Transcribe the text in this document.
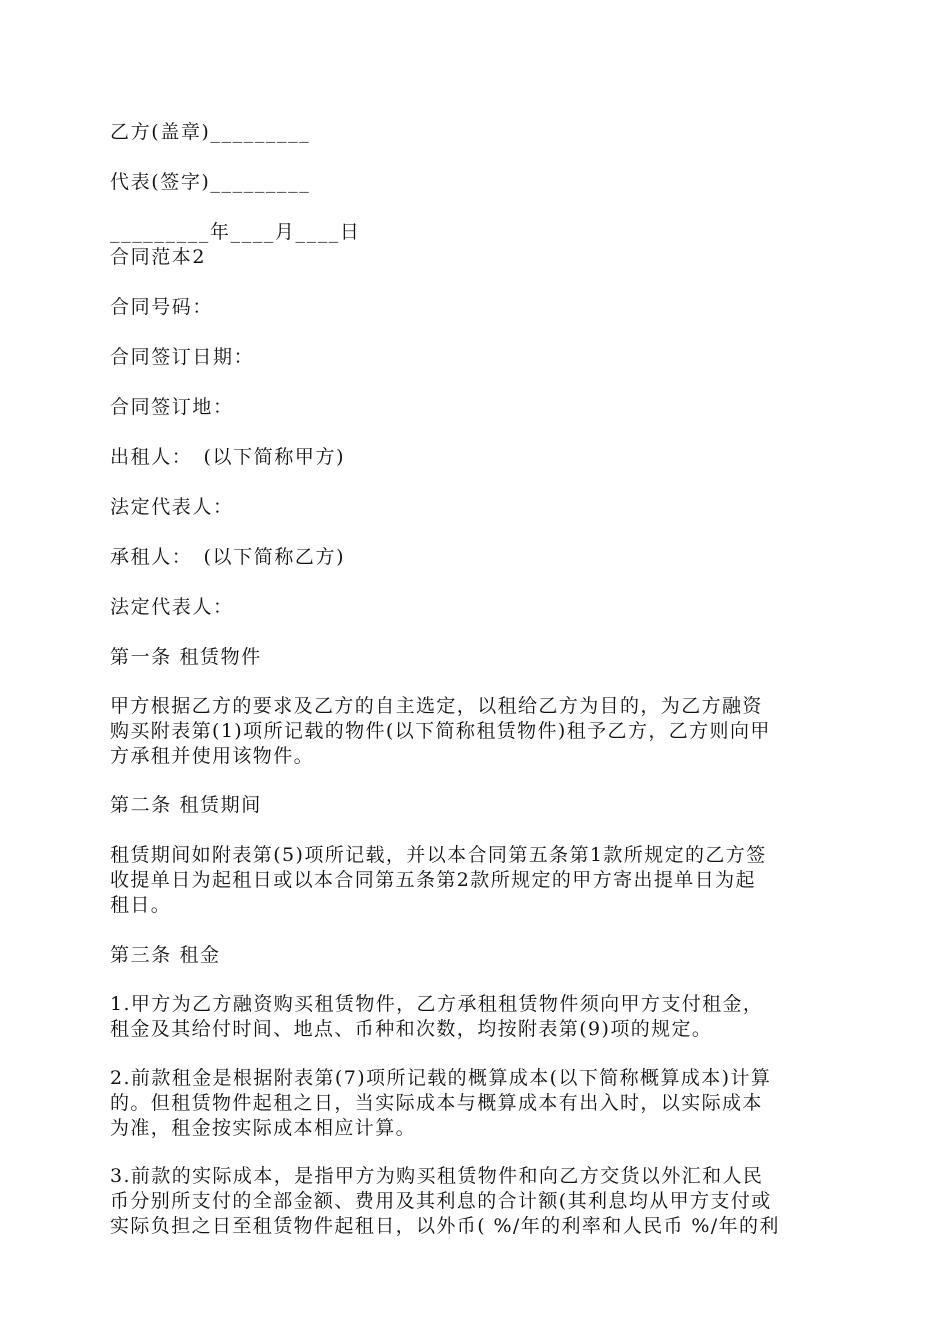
乙方(盖章)_________
代表(签字)_________
_________年____月____日
合同范本2
合同号码：
合同签订日期：
合同签订地：
出租人：　(以下简称甲方)
法定代表人：
承租人：　(以下简称乙方)
法定代表人：
第一条 租赁物件
甲方根据乙方的要求及乙方的自主选定，以租给乙方为目的，为乙方融资
购买附表第(1)项所记载的物件(以下简称租赁物件)租予乙方，乙方则向甲
方承租并使用该物件。
第二条 租赁期间
租赁期间如附表第(5)项所记载，并以本合同第五条第1款所规定的乙方签
收提单日为起租日或以本合同第五条第2款所规定的甲方寄出提单日为起
租日。
第三条 租金
1.甲方为乙方融资购买租赁物件，乙方承租租赁物件须向甲方支付租金，
租金及其给付时间、地点、币种和次数，均按附表第(9)项的规定。
2.前款租金是根据附表第(7)项所记载的概算成本(以下简称概算成本)计算
的。但租赁物件起租之日，当实际成本与概算成本有出入时，以实际成本
为准，租金按实际成本相应计算。
3.前款的实际成本，是指甲方为购买租赁物件和向乙方交货以外汇和人民
币分别所支付的全部金额、费用及其利息的合计额(其利息均从甲方支付或
实际负担之日至租赁物件起租日，以外币( %/年的利率和人民币 %/年的利
